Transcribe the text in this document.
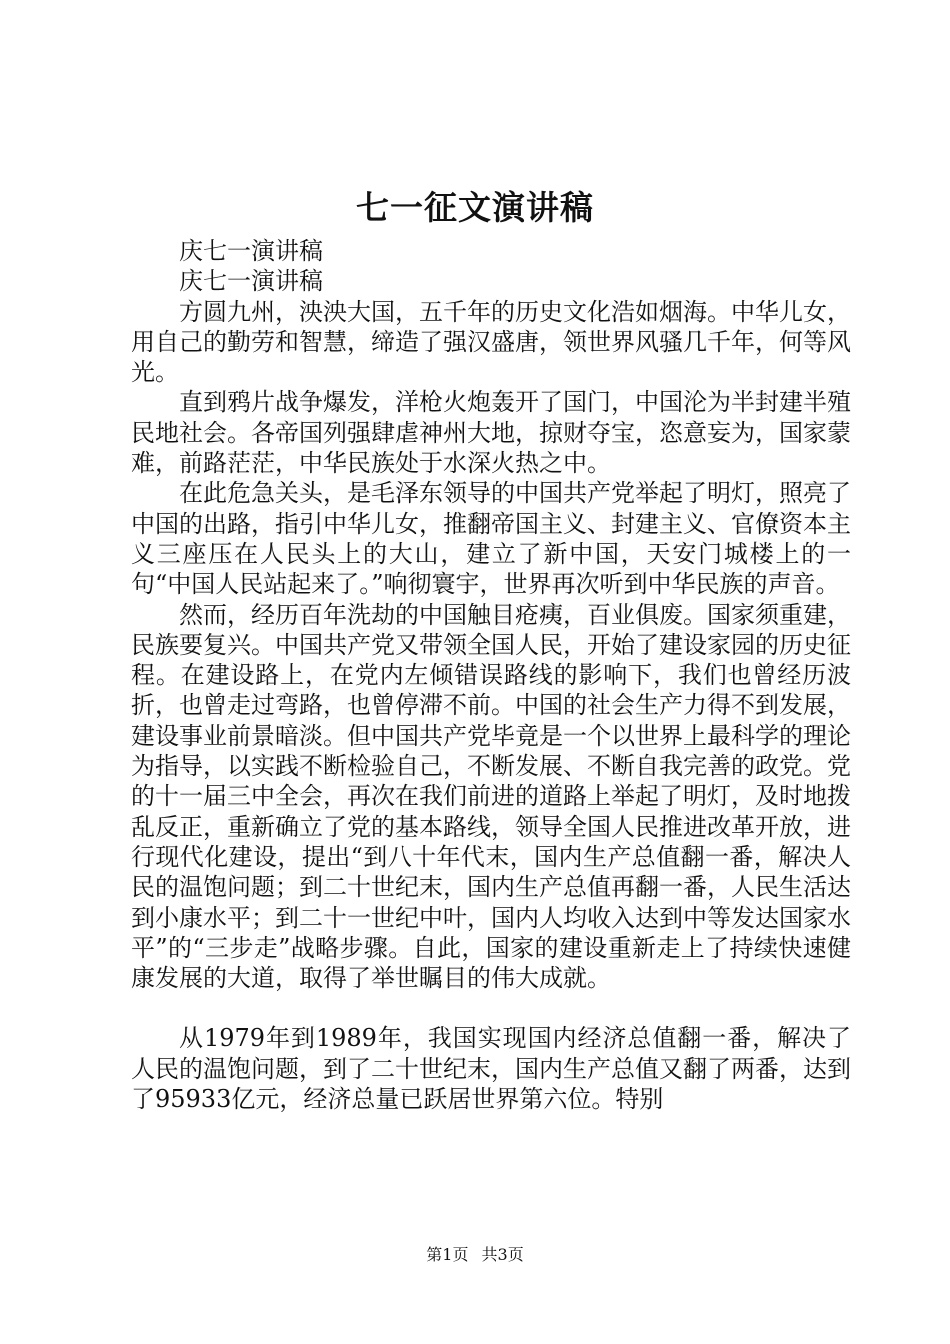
七一征文演讲稿

庆七一演讲稿

庆七一演讲稿

方圆九州，泱泱大国，五千年的历史文化浩如烟海。中华儿女，用自己的勤劳和智慧，缔造了强汉盛唐，领世界风骚几千年，何等风光。

直到鸦片战争爆发，洋枪火炮轰开了国门，中国沦为半封建半殖民地社会。各帝国列强肆虐神州大地，掠财夺宝，恣意妄为，国家蒙难，前路茫茫，中华民族处于水深火热之中。

在此危急关头，是毛泽东领导的中国共产党举起了明灯，照亮了中国的出路，指引中华儿女，推翻帝国主义、封建主义、官僚资本主义三座压在人民头上的大山，建立了新中国，天安门城楼上的一句“中国人民站起来了。”响彻寰宇，世界再次听到中华民族的声音。

然而，经历百年洗劫的中国触目疮痍，百业俱废。国家须重建，民族要复兴。中国共产党又带领全国人民，开始了建设家园的历史征程。在建设路上，在党内左倾错误路线的影响下，我们也曾经历波折，也曾走过弯路，也曾停滞不前。中国的社会生产力得不到发展，建设事业前景暗淡。但中国共产党毕竟是一个以世界上最科学的理论为指导，以实践不断检验自己，不断发展、不断自我完善的政党。党的十一届三中全会，再次在我们前进的道路上举起了明灯，及时地拨乱反正，重新确立了党的基本路线，领导全国人民推进改革开放，进行现代化建设，提出“到八十年代末，国内生产总值翻一番，解决人民的温饱问题；到二十世纪末，国内生产总值再翻一番，人民生活达到小康水平；到二十一世纪中叶，国内人均收入达到中等发达国家水平”的“三步走”战略步骤。自此，国家的建设重新走上了持续快速健康发展的大道，取得了举世瞩目的伟大成就。

从1979年到1989年，我国实现国内经济总值翻一番，解决了人民的温饱问题，到了二十世纪末，国内生产总值又翻了两番，达到了95933亿元，经济总量已跃居世界第六位。特别

第1页 共3页
